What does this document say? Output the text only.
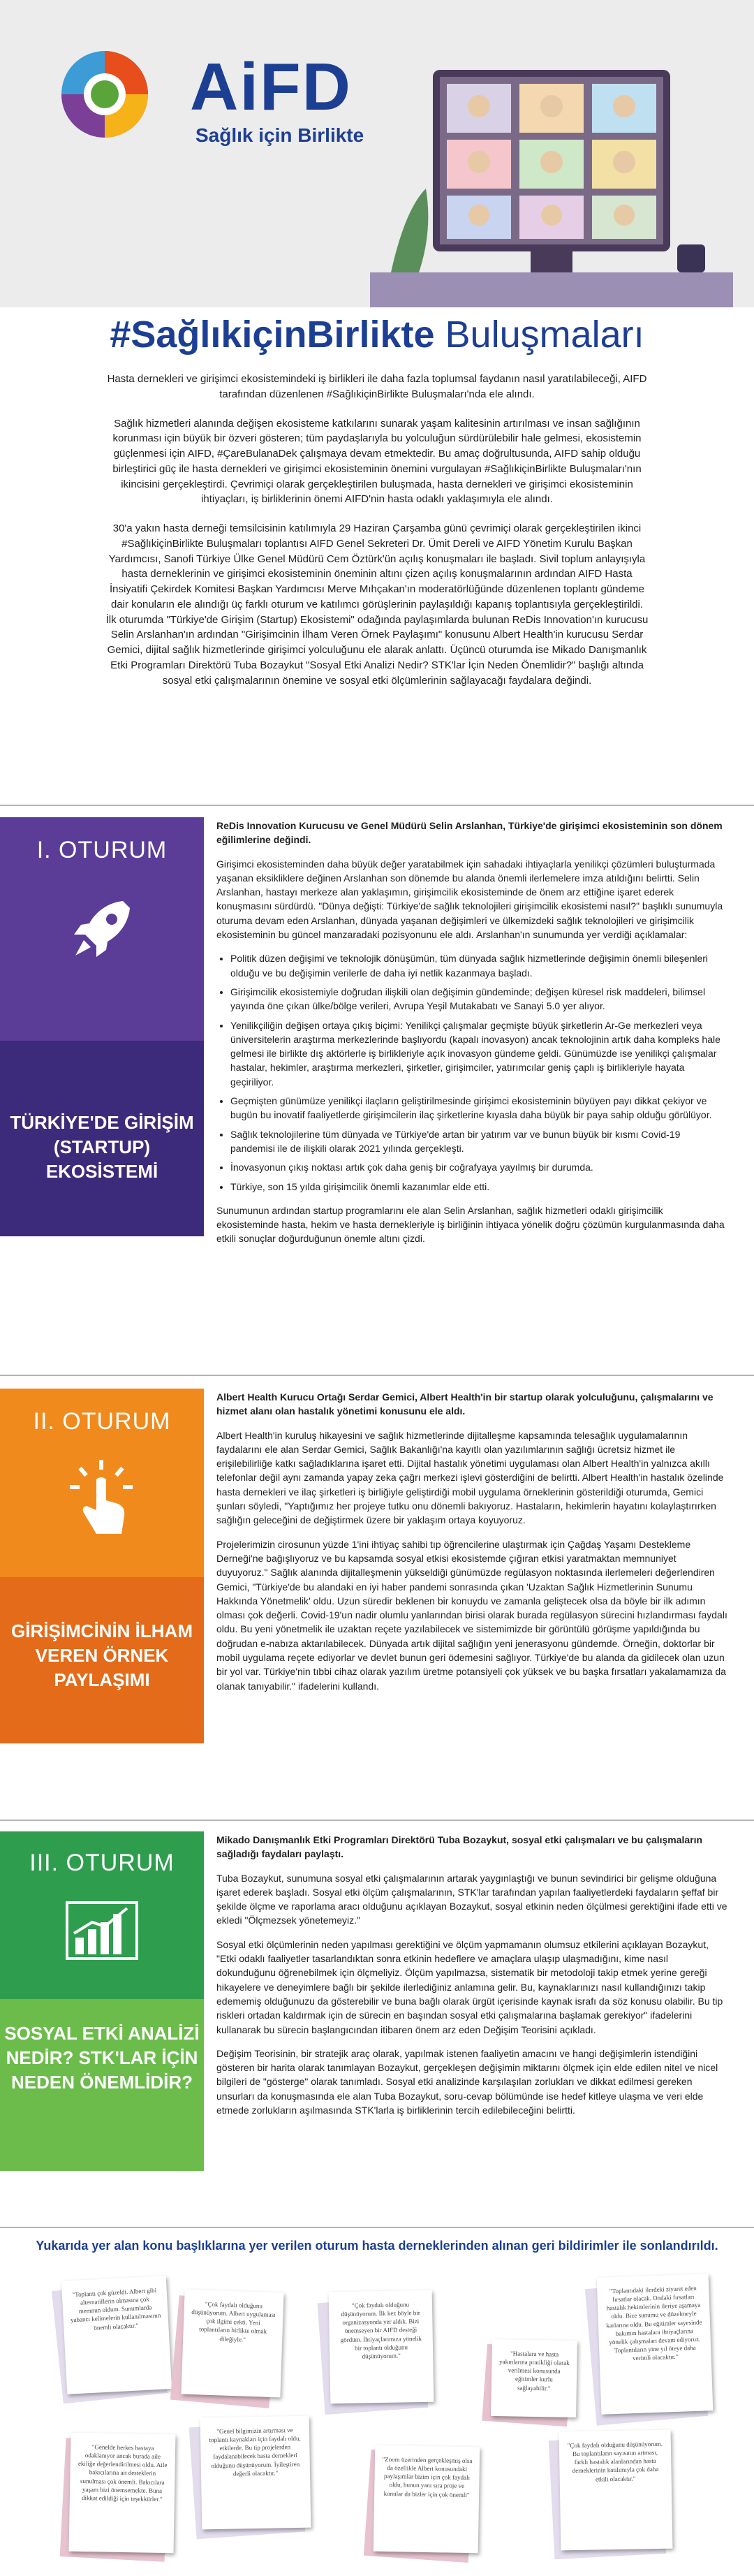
AiFD
Sağlık için Birlikte
#SağlıkiçinBirlikte Buluşmaları

Hasta dernekleri ve girişimci ekosistemindeki iş birlikleri ile daha fazla toplumsal faydanın nasıl yaratılabileceği, AIFD tarafından düzenlenen #SağlıkiçinBirlikte Buluşmaları'nda ele alındı.

Sağlık hizmetleri alanında değişen ekosisteme katkılarını sunarak yaşam kalitesinin artırılması ve insan sağlığının korunması için büyük bir özveri gösteren; tüm paydaşlarıyla bu yolculuğun sürdürülebilir hale gelmesi, ekosistemin güçlenmesi için AIFD, #ÇareBulanaDek çalışmaya devam etmektedir. Bu amaç doğrultusunda, AIFD sahip olduğu birleştirici güç ile hasta dernekleri ve girişimci ekosisteminin önemini vurgulayan #SağlıkiçinBirlikte Buluşmaları'nın ikincisini gerçekleştirdi. Çevrimiçi olarak gerçekleştirilen buluşmada, hasta dernekleri ve girişimci ekosisteminin ihtiyaçları, iş birliklerinin önemi AIFD'nin hasta odaklı yaklaşımıyla ele alındı.

30'a yakın hasta derneği temsilcisinin katılımıyla 29 Haziran Çarşamba günü çevrimiçi olarak gerçekleştirilen ikinci #SağlıkiçinBirlikte Buluşmaları toplantısı AIFD Genel Sekreteri Dr. Ümit Dereli ve AIFD Yönetim Kurulu Başkan Yardımcısı, Sanofi Türkiye Ülke Genel Müdürü Cem Öztürk'ün açılış konuşmaları ile başladı. Sivil toplum anlayışıyla hasta derneklerinin ve girişimci ekosisteminin öneminin altını çizen açılış konuşmalarının ardından AIFD Hasta İnsiyatifi Çekirdek Komitesi Başkan Yardımcısı Merve Mıhçakan'ın moderatörlüğünde düzenlenen toplantı gündeme dair konuların ele alındığı üç farklı oturum ve katılımcı görüşlerinin paylaşıldığı kapanış toplantısıyla gerçekleştirildi. İlk oturumda "Türkiye'de Girişim (Startup) Ekosistemi" odağında paylaşımlarda bulunan ReDis Innovation'ın kurucusu Selin Arslanhan'ın ardından "Girişimcinin İlham Veren Örnek Paylaşımı" konusunu Albert Health'in kurucusu Serdar Gemici, dijital sağlık hizmetlerinde girişimci yolculuğunu ele alarak anlattı. Üçüncü oturumda ise Mikado Danışmanlık Etki Programları Direktörü Tuba Bozaykut "Sosyal Etki Analizi Nedir? STK'lar İçin Neden Önemlidir?" başlığı altında sosyal etki çalışmalarının önemine ve sosyal etki ölçümlerinin sağlayacağı faydalara değindi.

I. OTURUM
TÜRKİYE'DE GİRİŞİM (STARTUP) EKOSİSTEMİ

ReDis Innovation Kurucusu ve Genel Müdürü Selin Arslanhan, Türkiye'de girişimci ekosisteminin son dönem eğilimlerine değindi.

Girişimci ekosisteminden daha büyük değer yaratabilmek için sahadaki ihtiyaçlarla yenilikçi çözümleri buluşturmada yaşanan eksikliklere değinen Arslanhan son dönemde bu alanda önemli ilerlemelere imza atıldığını belirtti. Selin Arslanhan, hastayı merkeze alan yaklaşımın, girişimcilik ekosisteminde de önem arz ettiğine işaret ederek konuşmasını sürdürdü. "Dünya değişti: Türkiye'de sağlık teknolojileri girişimcilik ekosistemi nasıl?" başlıklı sunumuyla oturuma devam eden Arslanhan, dünyada yaşanan değişimleri ve ülkemizdeki sağlık teknolojileri ve girişimcilik ekosisteminin bu güncel manzaradaki pozisyonunu ele aldı. Arslanhan'ın sunumunda yer verdiği açıklamalar:

• Politik düzen değişimi ve teknolojik dönüşümün, tüm dünyada sağlık hizmetlerinde değişimin önemli bileşenleri olduğu ve bu değişimin verilerle de daha iyi netlik kazanmaya başladı.
• Girişimcilik ekosistemiyle doğrudan ilişkili olan değişimin gündeminde; değişen küresel risk maddeleri, bilimsel yayında öne çıkan ülke/bölge verileri, Avrupa Yeşil Mutakabatı ve Sanayi 5.0 yer alıyor.
• Yenilikçiliğin değişen ortaya çıkış biçimi: Yenilikçi çalışmalar geçmişte büyük şirketlerin Ar-Ge merkezleri veya üniversitelerin araştırma merkezlerinde başlıyordu (kapalı inovasyon) ancak teknolojinin artık daha kompleks hale gelmesi ile birlikte dış aktörlerle iş birlikleriyle açık inovasyon gündeme geldi. Günümüzde ise yenilikçi çalışmalar hastalar, hekimler, araştırma merkezleri, şirketler, girişimciler, yatırımcılar geniş çaplı iş birlikleriyle hayata geçiriliyor.
• Geçmişten günümüze yenilikçi ilaçların geliştirilmesinde girişimci ekosisteminin büyüyen payı dikkat çekiyor ve bugün bu inovatif faaliyetlerde girişimcilerin ilaç şirketlerine kıyasla daha büyük bir paya sahip olduğu görülüyor.
• Sağlık teknolojilerine tüm dünyada ve Türkiye'de artan bir yatırım var ve bunun büyük bir kısmı Covid-19 pandemisi ile de ilişkili olarak 2021 yılında gerçekleşti.
• İnovasyonun çıkış noktası artık çok daha geniş bir coğrafyaya yayılmış bir durumda.
• Türkiye, son 15 yılda girişimcilik önemli kazanımlar elde etti.

Sunumunun ardından startup programlarını ele alan Selin Arslanhan, sağlık hizmetleri odaklı girişimcilik ekosisteminde hasta, hekim ve hasta dernekleriyle iş birliğinin ihtiyaca yönelik doğru çözümün kurgulanmasında daha etkili sonuçlar doğurduğunun önemle altını çizdi.

II. OTURUM
GİRİŞİMCİNİN İLHAM VEREN ÖRNEK PAYLAŞIMI

Albert Health Kurucu Ortağı Serdar Gemici, Albert Health'in bir startup olarak yolculuğunu, çalışmalarını ve hizmet alanı olan hastalık yönetimi konusunu ele aldı.

Albert Health'in kuruluş hikayesini ve sağlık hizmetlerinde dijitalleşme kapsamında telesağlık uygulamalarının faydalarını ele alan Serdar Gemici, Sağlık Bakanlığı'na kayıtlı olan yazılımlarının sağlığı ücretsiz hizmet ile erişilebilirliğe katkı sağladıklarına işaret etti. Dijital hastalık yönetimi uygulaması olan Albert Health'in yalnızca akıllı telefonlar değil aynı zamanda yapay zeka çağrı merkezi işlevi gösterdiğini de belirtti. Albert Health'in hastalık özelinde hasta dernekleri ve ilaç şirketleri iş birliğiyle geliştirdiği mobil uygulama örneklerinin gösterildiği oturumda, Gemici şunları söyledi, "Yaptığımız her projeye tutku onu dönemli bakıyoruz. Hastaların, hekimlerin hayatını kolaylaştırırken sağlığın geleceğini de değiştirmek üzere bir yaklaşım ortaya koyuyoruz.

Projelerimizin cirosunun yüzde 1'ini ihtiyaç sahibi tıp öğrencilerine ulaştırmak için Çağdaş Yaşamı Destekleme Derneği'ne bağışlıyoruz ve bu kapsamda sosyal etkisi ekosistemde çığıran etkisi yaratmaktan memnuniyet duyuyoruz." Sağlık alanında dijitalleşmenin yükseldiği günümüzde regülasyon noktasında ilerlemeleri değerlendiren Gemici, "Türkiye'de bu alandaki en iyi haber pandemi sonrasında çıkan 'Uzaktan Sağlık Hizmetlerinin Sunumu Hakkında Yönetmelik' oldu. Uzun süredir beklenen bir konuydu ve zamanla geliştecek olsa da böyle bir ilk adımın olması çok değerli. Covid-19'un nadir olumlu yanlarından birisi olarak burada regülasyon sürecini hızlandırması faydalı oldu. Bu yeni yönetmelik ile uzaktan reçete yazılabilecek ve sistemimizde bir görüntülü görüşme yapıldığında bu doğrudan e-nabıza aktarılabilecek. Dünyada artık dijital sağlığın yeni jenerasyonu gündemde. Örneğin, doktorlar bir mobil uygulama reçete ediyorlar ve devlet bunun geri ödemesini sağlıyor. Türkiye'de bu alanda da gidilecek olan uzun bir yol var. Türkiye'nin tıbbi cihaz olarak yazılım üretme potansiyeli çok yüksek ve bu başka fırsatları yakalamamıza da olanak tanıyabilir." ifadelerini kullandı.

III. OTURUM
SOSYAL ETKİ ANALİZİ NEDİR? STK'LAR İÇİN NEDEN ÖNEMLİDİR?

Mikado Danışmanlık Etki Programları Direktörü Tuba Bozaykut, sosyal etki çalışmaları ve bu çalışmaların sağladığı faydaları paylaştı.

Tuba Bozaykut, sunumuna sosyal etki çalışmalarının artarak yaygınlaştığı ve bunun sevindirici bir gelişme olduğuna işaret ederek başladı. Sosyal etki ölçüm çalışmalarının, STK'lar tarafından yapılan faaliyetlerdeki faydaların şeffaf bir şekilde ölçme ve raporlama aracı olduğunu açıklayan Bozaykut, sosyal etkinin neden ölçülmesi gerektiğini ifade etti ve ekledi "Ölçmezsek yönetemeyiz."

Sosyal etki ölçümlerinin neden yapılması gerektiğini ve ölçüm yapmamanın olumsuz etkilerini açıklayan Bozaykut, "Etki odaklı faaliyetler tasarlandıktan sonra etkinin hedeflere ve amaçlara ulaşıp ulaşmadığını, kime nasıl dokunduğunu öğrenebilmek için ölçmeliyiz. Ölçüm yapılmazsa, sistematik bir metodoloji takip etmek yerine gereği hikayelere ve deneyimlere bağlı bir şekilde ilerlediğiniz anlamına gelir. Bu, kaynaklarınızı nasıl kullandığınızı takip edememiş olduğunuzu da gösterebilir ve buna bağlı olarak ürgüt içerisinde kaynak israfı da söz konusu olabilir. Bu tip riskleri ortadan kaldırmak için de sürecin en başından sosyal etki çalışmalarına başlamak gerekiyor" ifadelerini kullanarak bu sürecin başlangıcından itibaren önem arz eden Değişim Teorisini açıkladı.

Değişim Teorisinin, bir stratejik araç olarak, yapılmak istenen faaliyetin amacını ve hangi değişimlerin istendiğini gösteren bir harita olarak tanımlayan Bozaykut, gerçekleşen değişimin miktarını ölçmek için elde edilen nitel ve nicel bilgileri de "gösterge" olarak tanımladı. Sosyal etki analizinde karşılaşılan zorlukları ve dikkat edilmesi gereken unsurları da konuşmasında ele alan Tuba Bozaykut, soru-cevap bölümünde ise hedef kitleye ulaşma ve veri elde etmede zorlukların aşılmasında STK'larla iş birliklerinin tercih edilebileceğini belirtti.

Yukarıda yer alan konu başlıklarına yer verilen oturum hasta derneklerinden alınan geri bildirimler ile sonlandırıldı.
"Toplantı çok güzeldi. Albert gibi alternatiflerin olmasına çok memnun oldum. Sunumlarda yabancı kelimelerin kullanılmasının önemli olacaktır."
"Çok faydalı olduğunu düşünüyorum. Albert uygulaması çok ilgimi çekti. Yeni toplantıların birlikte olmak dileğiyle."
"Çok faydalı olduğunu düşünüyorum. İlk kez böyle bir organizasyonda yer aldık. Bizi önemseyen bir AIFD desteği gördüm. İhtiyaçlarımıza yönelik bir toplantı olduğunu düşünüyorum."	"Hastalara ve hasta yakınlarına pratikliği olarak verilmesi konusunda eğitimler kurlu sağlayabilir."
"Toplantıdaki ilerdeki ziyaret eden fırsatlar olacak. Ondaki fırsatları hastalık hekimlerinin ileriye aşamaya oldu. Bize sunumu ve düzelmeyle karlarına oldu. Bu eğitimler sayesinde bakımın hastalara ihtiyaçlarına yönelik çalışmaları devam ediyoruz. Toplantıların yine yıl öteye daha verimli olacaktır."
"Genelde herkes hastaya odaklanıyor ancak burada aile ekiliğe değerlendirilmesi oldu. Aile bakıcılarına ait desteklerin sunulması çok önemli. Bakıcılara yaşam bizi önemsemekte. Buna dikkat edildiği için teşekkürler."
"Genel bilgimizin artırması ve toplantı kaynakları için faydalı oldu, etkilerde. Bu tip projelerden faydalanabilecek hasta dernekleri olduğunu düşünüyorum. İyileştiren değerli olacaktır."
"Zoom üzerinden gerçekleşmiş olsa da özellikle Albert konusundaki paylaşımlar bizim için çok faydalı oldu, bunun yanı sıra proje ve konular da bizler için çok önemli"
"Çok faydalı olduğunu düşünüyorum. Bu toplantıların sayısının artması, farklı hastalık alanlarından hasta derneklerinin katılımıyla çok daha etkili olacaktır."
